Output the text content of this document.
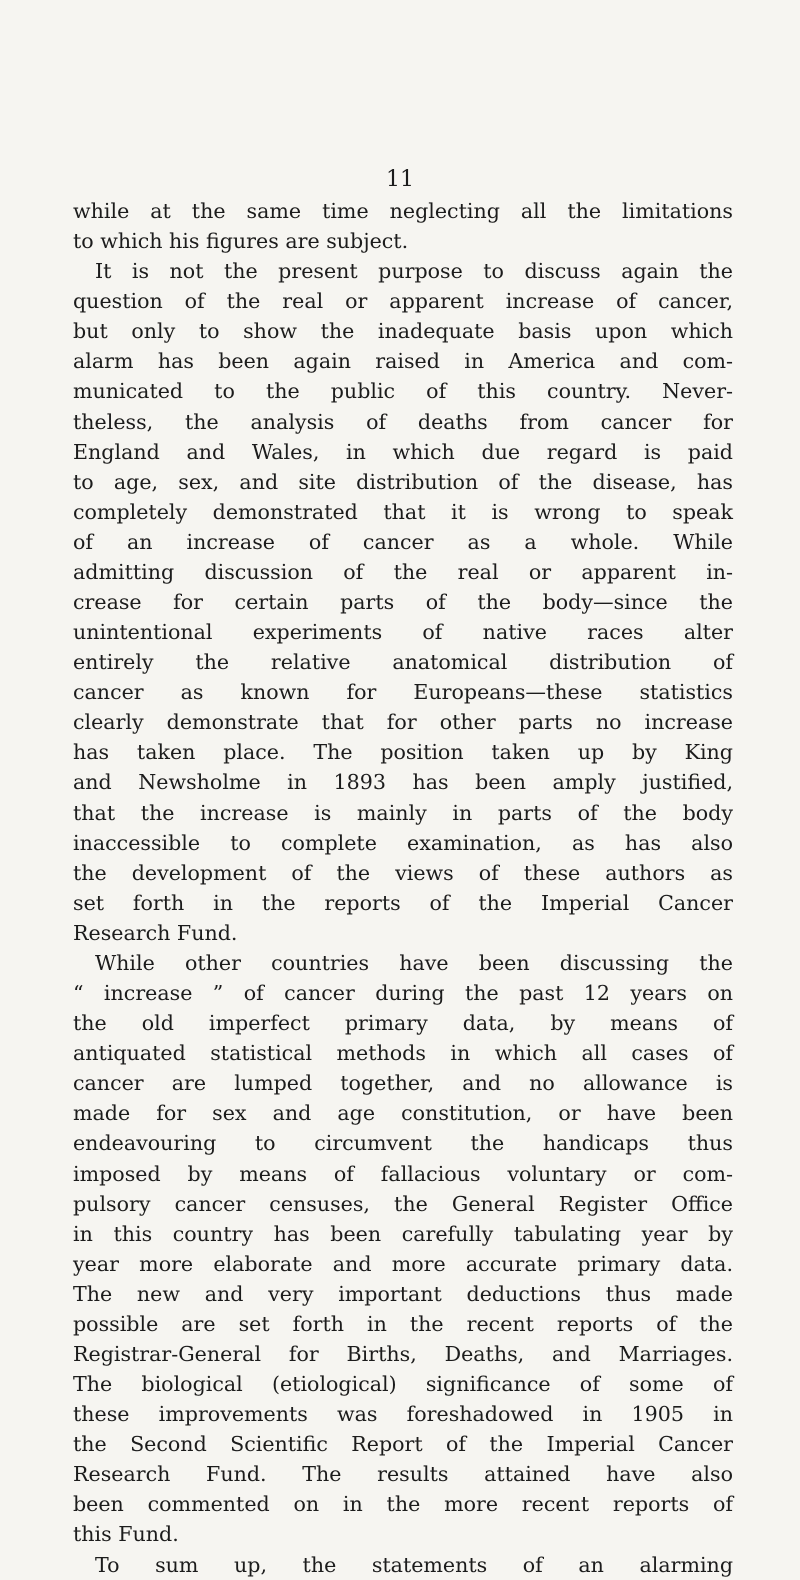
11
while at the same time neglecting all the limitations
to which his figures are subject.
It is not the present purpose to discuss again the
question of the real or apparent increase of cancer,
but only to show the inadequate basis upon which
alarm has been again raised in America and com-
municated to the public of this country. Never-
theless, the analysis of deaths from cancer for
England and Wales, in which due regard is paid
to age, sex, and site distribution of the disease, has
completely demonstrated that it is wrong to speak
of an increase of cancer as a whole. While
admitting discussion of the real or apparent in-
crease for certain parts of the body—since the
unintentional experiments of native races alter
entirely the relative anatomical distribution of
cancer as known for Europeans—these statistics
clearly demonstrate that for other parts no increase
has taken place. The position taken up by King
and Newsholme in 1893 has been amply justified,
that the increase is mainly in parts of the body
inaccessible to complete examination, as has also
the development of the views of these authors as
set forth in the reports of the Imperial Cancer
Research Fund.
While other countries have been discussing the
“ increase ” of cancer during the past 12 years on
the old imperfect primary data, by means of
antiquated statistical methods in which all cases of
cancer are lumped together, and no allowance is
made for sex and age constitution, or have been
endeavouring to circumvent the handicaps thus
imposed by means of fallacious voluntary or com-
pulsory cancer censuses, the General Register Office
in this country has been carefully tabulating year by
year more elaborate and more accurate primary data.
The new and very important deductions thus made
possible are set forth in the recent reports of the
Registrar-General for Births, Deaths, and Marriages.
The biological (etiological) significance of some of
these improvements was foreshadowed in 1905 in
the Second Scientific Report of the Imperial Cancer
Research Fund. The results attained have also
been commented on in the more recent reports of
this Fund.
To sum up, the statements of an alarming
